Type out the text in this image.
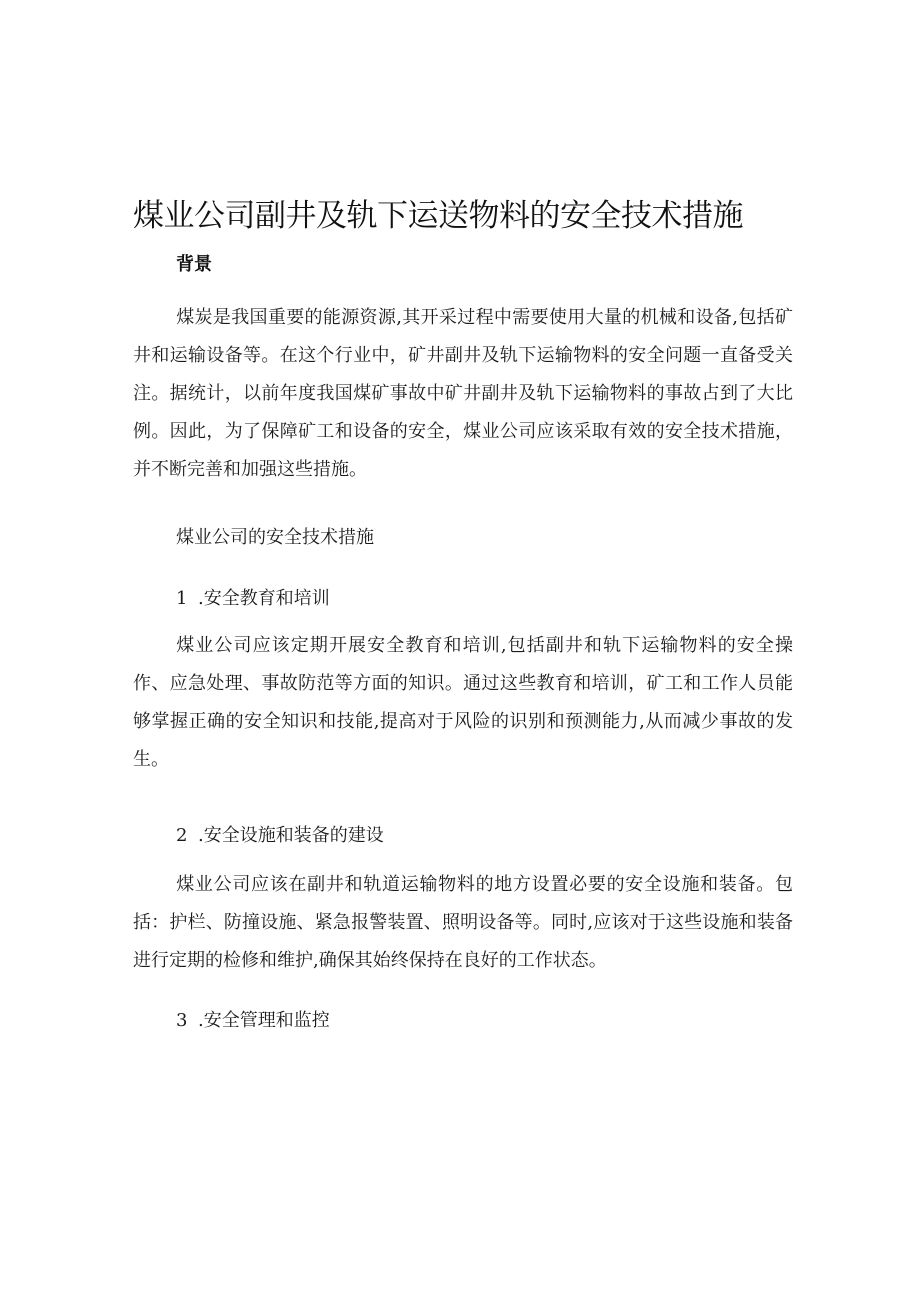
煤业公司副井及轨下运送物料的安全技术措施
背景

煤炭是我国重要的能源资源,其开采过程中需要使用大量的机械和设备,包括矿井和运输设备等。在这个行业中，矿井副井及轨下运输物料的安全问题一直备受关注。据统计，以前年度我国煤矿事故中矿井副井及轨下运输物料的事故占到了大比例。因此，为了保障矿工和设备的安全，煤业公司应该采取有效的安全技术措施，并不断完善和加强这些措施。

煤业公司的安全技术措施
1 .安全教育和培训

煤业公司应该定期开展安全教育和培训,包括副井和轨下运输物料的安全操作、应急处理、事故防范等方面的知识。通过这些教育和培训，矿工和工作人员能够掌握正确的安全知识和技能,提高对于风险的识别和预测能力,从而减少事故的发生。

2 .安全设施和装备的建设

煤业公司应该在副井和轨道运输物料的地方设置必要的安全设施和装备。包括：护栏、防撞设施、紧急报警装置、照明设备等。同时,应该对于这些设施和装备进行定期的检修和维护,确保其始终保持在良好的工作状态。

3 .安全管理和监控
